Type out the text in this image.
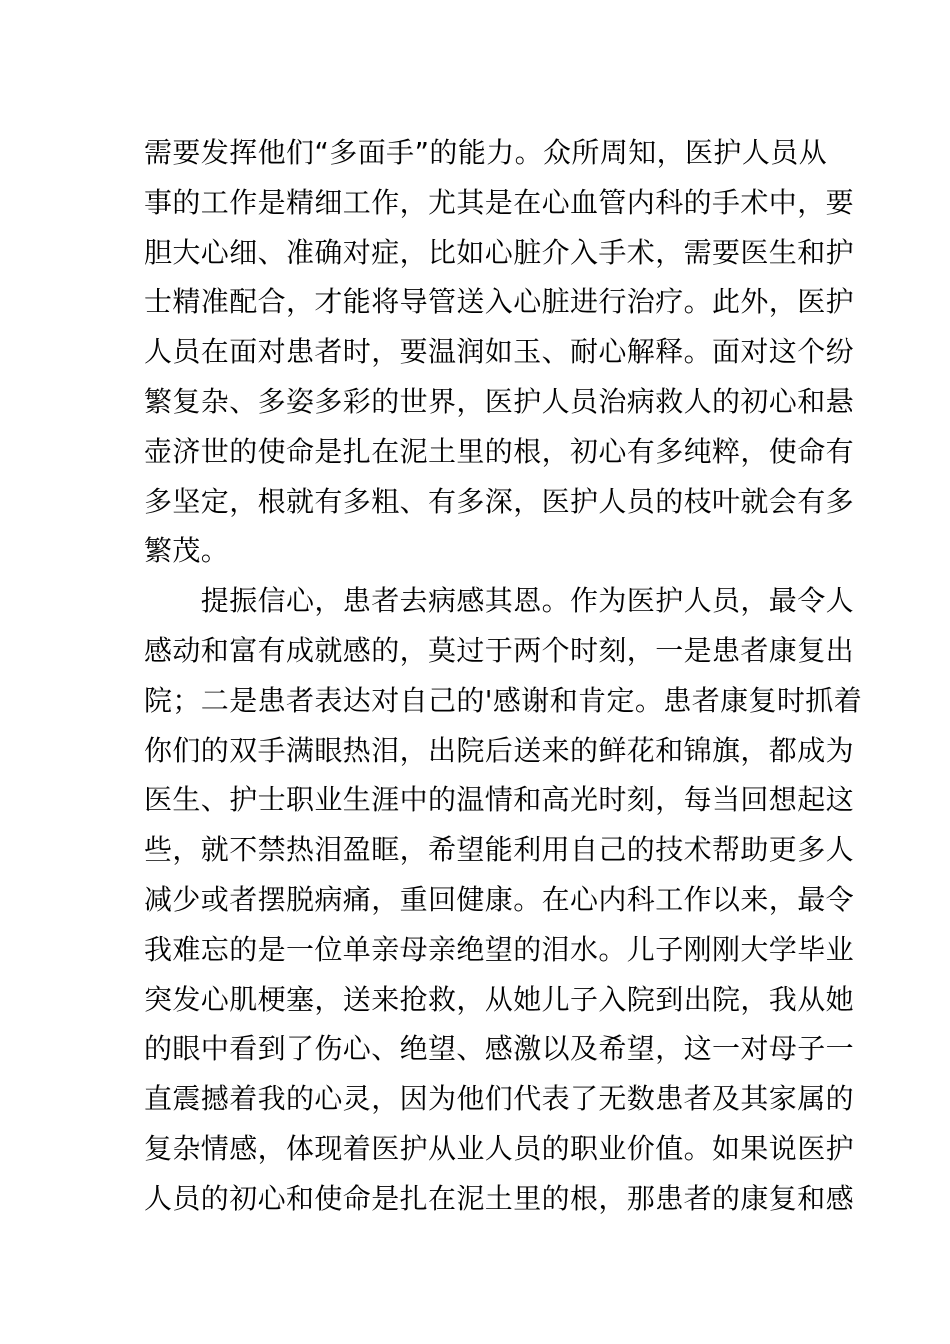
需要发挥他们“多面手”的能力。众所周知，医护人员从
事的工作是精细工作，尤其是在心血管内科的手术中，要
胆大心细、准确对症，比如心脏介入手术，需要医生和护
士精准配合，才能将导管送入心脏进行治疗。此外，医护
人员在面对患者时，要温润如玉、耐心解释。面对这个纷
繁复杂、多姿多彩的世界，医护人员治病救人的初心和悬
壶济世的使命是扎在泥土里的根，初心有多纯粹，使命有
多坚定，根就有多粗、有多深，医护人员的枝叶就会有多
繁茂。
　　提振信心，患者去病感其恩。作为医护人员，最令人
感动和富有成就感的，莫过于两个时刻，一是患者康复出
院；二是患者表达对自己的'感谢和肯定。患者康复时抓着
你们的双手满眼热泪，出院后送来的鲜花和锦旗，都成为
医生、护士职业生涯中的温情和高光时刻，每当回想起这
些，就不禁热泪盈眶，希望能利用自己的技术帮助更多人
减少或者摆脱病痛，重回健康。在心内科工作以来，最令
我难忘的是一位单亲母亲绝望的泪水。儿子刚刚大学毕业
突发心肌梗塞，送来抢救，从她儿子入院到出院，我从她
的眼中看到了伤心、绝望、感激以及希望，这一对母子一
直震撼着我的心灵，因为他们代表了无数患者及其家属的
复杂情感，体现着医护从业人员的职业价值。如果说医护
人员的初心和使命是扎在泥土里的根，那患者的康复和感
